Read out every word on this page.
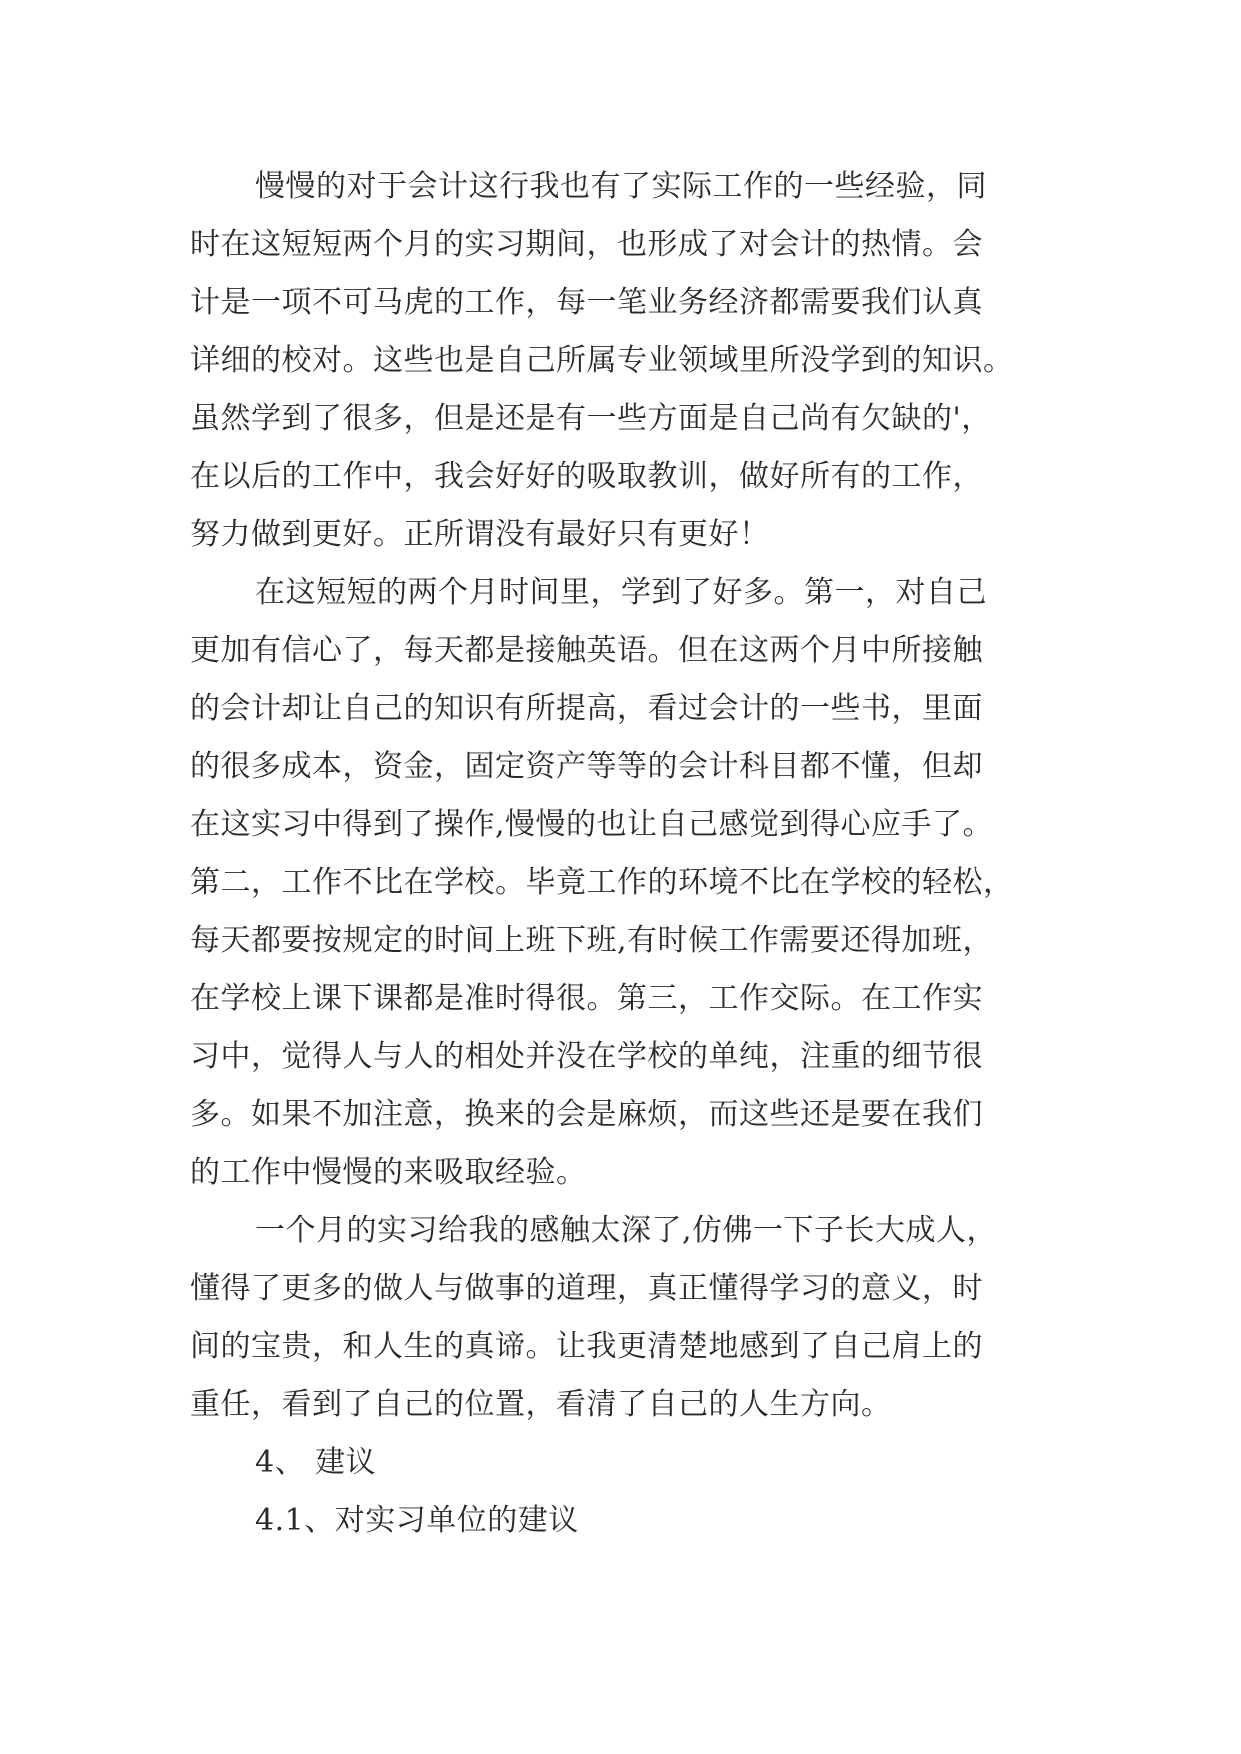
慢慢的对于会计这行我也有了实际工作的一些经验，同
时在这短短两个月的实习期间，也形成了对会计的热情。会
计是一项不可马虎的工作，每一笔业务经济都需要我们认真
详细的校对。这些也是自己所属专业领域里所没学到的知识。
虽然学到了很多，但是还是有一些方面是自己尚有欠缺的'，
在以后的工作中，我会好好的吸取教训，做好所有的工作，
努力做到更好。正所谓没有最好只有更好！
在这短短的两个月时间里，学到了好多。第一，对自己
更加有信心了，每天都是接触英语。但在这两个月中所接触
的会计却让自己的知识有所提高，看过会计的一些书，里面
的很多成本，资金，固定资产等等的会计科目都不懂，但却
在这实习中得到了操作,慢慢的也让自己感觉到得心应手了。
第二，工作不比在学校。毕竟工作的环境不比在学校的轻松，
每天都要按规定的时间上班下班,有时候工作需要还得加班，
在学校上课下课都是准时得很。第三，工作交际。在工作实
习中，觉得人与人的相处并没在学校的单纯，注重的细节很
多。如果不加注意，换来的会是麻烦，而这些还是要在我们
的工作中慢慢的来吸取经验。
一个月的实习给我的感触太深了,仿佛一下子长大成人，
懂得了更多的做人与做事的道理，真正懂得学习的意义，时
间的宝贵，和人生的真谛。让我更清楚地感到了自己肩上的
重任，看到了自己的位置，看清了自己的人生方向。
4、 建议
4.1、对实习单位的建议
